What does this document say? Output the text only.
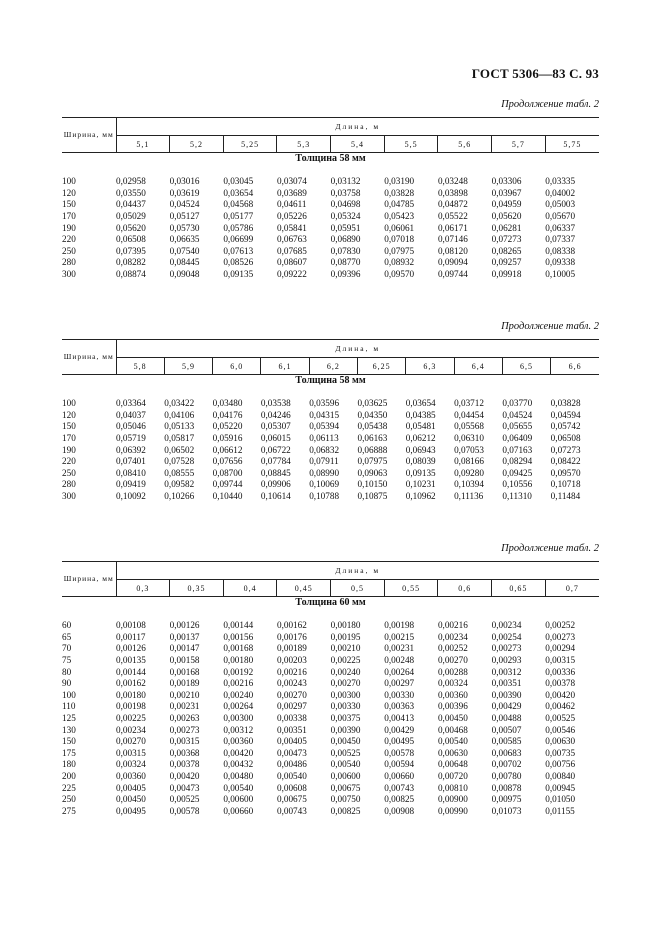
ГОСТ 5306—83 С. 93
Продолжение табл. 2
Ширина, мм	Длина, м								
	5,1	5,2	5,25	5,3	5,4	5,5	5,6	5,7	5,75
Толщина 58 мм									

100	0,02958	0,03016	0,03045	0,03074	0,03132	0,03190	0,03248	0,03306	0,03335
120	0,03550	0,03619	0,03654	0,03689	0,03758	0,03828	0,03898	0,03967	0,04002
150	0,04437	0,04524	0,04568	0,04611	0,04698	0,04785	0,04872	0,04959	0,05003
170	0,05029	0,05127	0,05177	0,05226	0,05324	0,05423	0,05522	0,05620	0,05670
190	0,05620	0,05730	0,05786	0,05841	0,05951	0,06061	0,06171	0,06281	0,06337
220	0,06508	0,06635	0,06699	0,06763	0,06890	0,07018	0,07146	0,07273	0,07337
250	0,07395	0,07540	0,07613	0,07685	0,07830	0,07975	0,08120	0,08265	0,08338
280	0,08282	0,08445	0,08526	0,08607	0,08770	0,08932	0,09094	0,09257	0,09338
300	0,08874	0,09048	0,09135	0,09222	0,09396	0,09570	0,09744	0,09918	0,10005
Продолжение табл. 2
Ширина, мм	Длина, м									
	5,8	5,9	6,0	6,1	6,2	6,25	6,3	6,4	6,5	6,6
Толщина 58 мм										

100	0,03364	0,03422	0,03480	0,03538	0,03596	0,03625	0,03654	0,03712	0,03770	0,03828
120	0,04037	0,04106	0,04176	0,04246	0,04315	0,04350	0,04385	0,04454	0,04524	0,04594
150	0,05046	0,05133	0,05220	0,05307	0,05394	0,05438	0,05481	0,05568	0,05655	0,05742
170	0,05719	0,05817	0,05916	0,06015	0,06113	0,06163	0,06212	0,06310	0,06409	0,06508
190	0,06392	0,06502	0,06612	0,06722	0,06832	0,06888	0,06943	0,07053	0,07163	0,07273
220	0,07401	0,07528	0,07656	0,07784	0,07911	0,07975	0,08039	0,08166	0,08294	0,08422
250	0,08410	0,08555	0,08700	0,08845	0,08990	0,09063	0,09135	0,09280	0,09425	0,09570
280	0,09419	0,09582	0,09744	0,09906	0,10069	0,10150	0,10231	0,10394	0,10556	0,10718
300	0,10092	0,10266	0,10440	0,10614	0,10788	0,10875	0,10962	0,11136	0,11310	0,11484
Продолжение табл. 2
Ширина, мм	Длина, м								
	0,3	0,35	0,4	0,45	0,5	0,55	0,6	0,65	0,7
Толщина 60 мм									

60	0,00108	0,00126	0,00144	0,00162	0,00180	0,00198	0,00216	0,00234	0,00252
65	0,00117	0,00137	0,00156	0,00176	0,00195	0,00215	0,00234	0,00254	0,00273
70	0,00126	0,00147	0,00168	0,00189	0,00210	0,00231	0,00252	0,00273	0,00294
75	0,00135	0,00158	0,00180	0,00203	0,00225	0,00248	0,00270	0,00293	0,00315
80	0,00144	0,00168	0,00192	0,00216	0,00240	0,00264	0,00288	0,00312	0,00336
90	0,00162	0,00189	0,00216	0,00243	0,00270	0,00297	0,00324	0,00351	0,00378
100	0,00180	0,00210	0,00240	0,00270	0,00300	0,00330	0,00360	0,00390	0,00420
110	0,00198	0,00231	0,00264	0,00297	0,00330	0,00363	0,00396	0,00429	0,00462
125	0,00225	0,00263	0,00300	0,00338	0,00375	0,00413	0,00450	0,00488	0,00525
130	0,00234	0,00273	0,00312	0,00351	0,00390	0,00429	0,00468	0,00507	0,00546
150	0,00270	0,00315	0,00360	0,00405	0,00450	0,00495	0,00540	0,00585	0,00630
175	0,00315	0,00368	0,00420	0,00473	0,00525	0,00578	0,00630	0,00683	0,00735
180	0,00324	0,00378	0,00432	0,00486	0,00540	0,00594	0,00648	0,00702	0,00756
200	0,00360	0,00420	0,00480	0,00540	0,00600	0,00660	0,00720	0,00780	0,00840
225	0,00405	0,00473	0,00540	0,00608	0,00675	0,00743	0,00810	0,00878	0,00945
250	0,00450	0,00525	0,00600	0,00675	0,00750	0,00825	0,00900	0,00975	0,01050
275	0,00495	0,00578	0,00660	0,00743	0,00825	0,00908	0,00990	0,01073	0,01155
